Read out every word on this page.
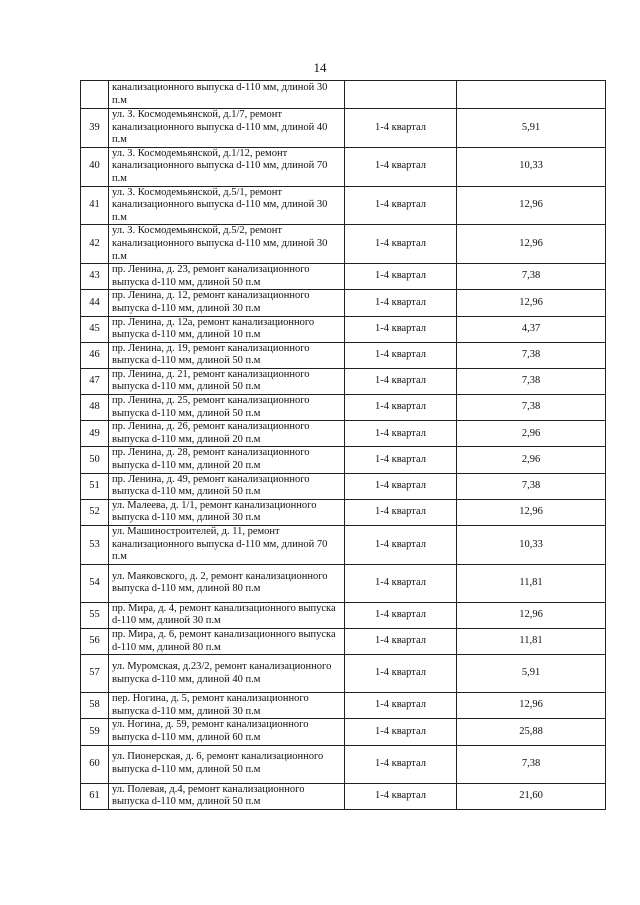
14
	канализационного выпуска d-110 мм, длиной 30 п.м		
39	ул. З. Космодемьянской, д.1/7, ремонт канализационного выпуска d-110 мм, длиной 40 п.м	1-4 квартал	5,91
40	ул. З. Космодемьянской, д.1/12, ремонт канализационного выпуска d-110 мм, длиной 70 п.м	1-4 квартал	10,33
41	ул. З. Космодемьянской, д.5/1, ремонт канализационного выпуска d-110 мм, длиной 30 п.м	1-4 квартал	12,96
42	ул. З. Космодемьянской, д.5/2, ремонт канализационного выпуска d-110 мм, длиной 30 п.м	1-4 квартал	12,96
43	пр. Ленина, д. 23, ремонт канализационного выпуска d-110 мм, длиной 50 п.м	1-4 квартал	7,38
44	пр. Ленина, д. 12, ремонт канализационного выпуска d-110 мм, длиной 30 п.м	1-4 квартал	12,96
45	пр. Ленина, д. 12а, ремонт канализационного выпуска d-110 мм, длиной 10 п.м	1-4 квартал	4,37
46	пр. Ленина, д. 19, ремонт канализационного выпуска d-110 мм, длиной 50 п.м	1-4 квартал	7,38
47	пр. Ленина, д. 21, ремонт канализационного выпуска d-110 мм, длиной 50 п.м	1-4 квартал	7,38
48	пр. Ленина, д. 25, ремонт канализационного выпуска d-110 мм, длиной 50 п.м	1-4 квартал	7,38
49	пр. Ленина, д. 26, ремонт канализационного выпуска d-110 мм, длиной 20 п.м	1-4 квартал	2,96
50	пр. Ленина, д. 28, ремонт канализационного выпуска d-110 мм, длиной 20 п.м	1-4 квартал	2,96
51	пр. Ленина, д. 49, ремонт канализационного выпуска d-110 мм, длиной 50 п.м	1-4 квартал	7,38
52	ул. Малеева, д. 1/1, ремонт канализационного выпуска d-110 мм, длиной 30 п.м	1-4 квартал	12,96
53	ул. Машиностроителей, д. 11, ремонт канализационного выпуска d-110 мм, длиной 70 п.м	1-4 квартал	10,33
54	ул. Маяковского, д. 2, ремонт канализационного выпуска d-110 мм, длиной 80 п.м	1-4 квартал	11,81
55	пр. Мира, д. 4, ремонт канализационного выпуска d-110 мм, длиной 30 п.м	1-4 квартал	12,96
56	пр. Мира, д. 6, ремонт канализационного выпуска d-110 мм, длиной 80 п.м	1-4 квартал	11,81
57	ул. Муромская, д.23/2, ремонт канализационного выпуска d-110 мм, длиной 40 п.м	1-4 квартал	5,91
58	пер. Ногина, д. 5, ремонт канализационного выпуска d-110 мм, длиной 30 п.м	1-4 квартал	12,96
59	ул. Ногина, д. 59, ремонт канализационного выпуска d-110 мм, длиной 60 п.м	1-4 квартал	25,88
60	ул. Пионерская, д. 6, ремонт канализационного выпуска d-110 мм, длиной 50 п.м	1-4 квартал	7,38
61	ул. Полевая, д.4, ремонт канализационного выпуска d-110 мм, длиной 50 п.м	1-4 квартал	21,60
